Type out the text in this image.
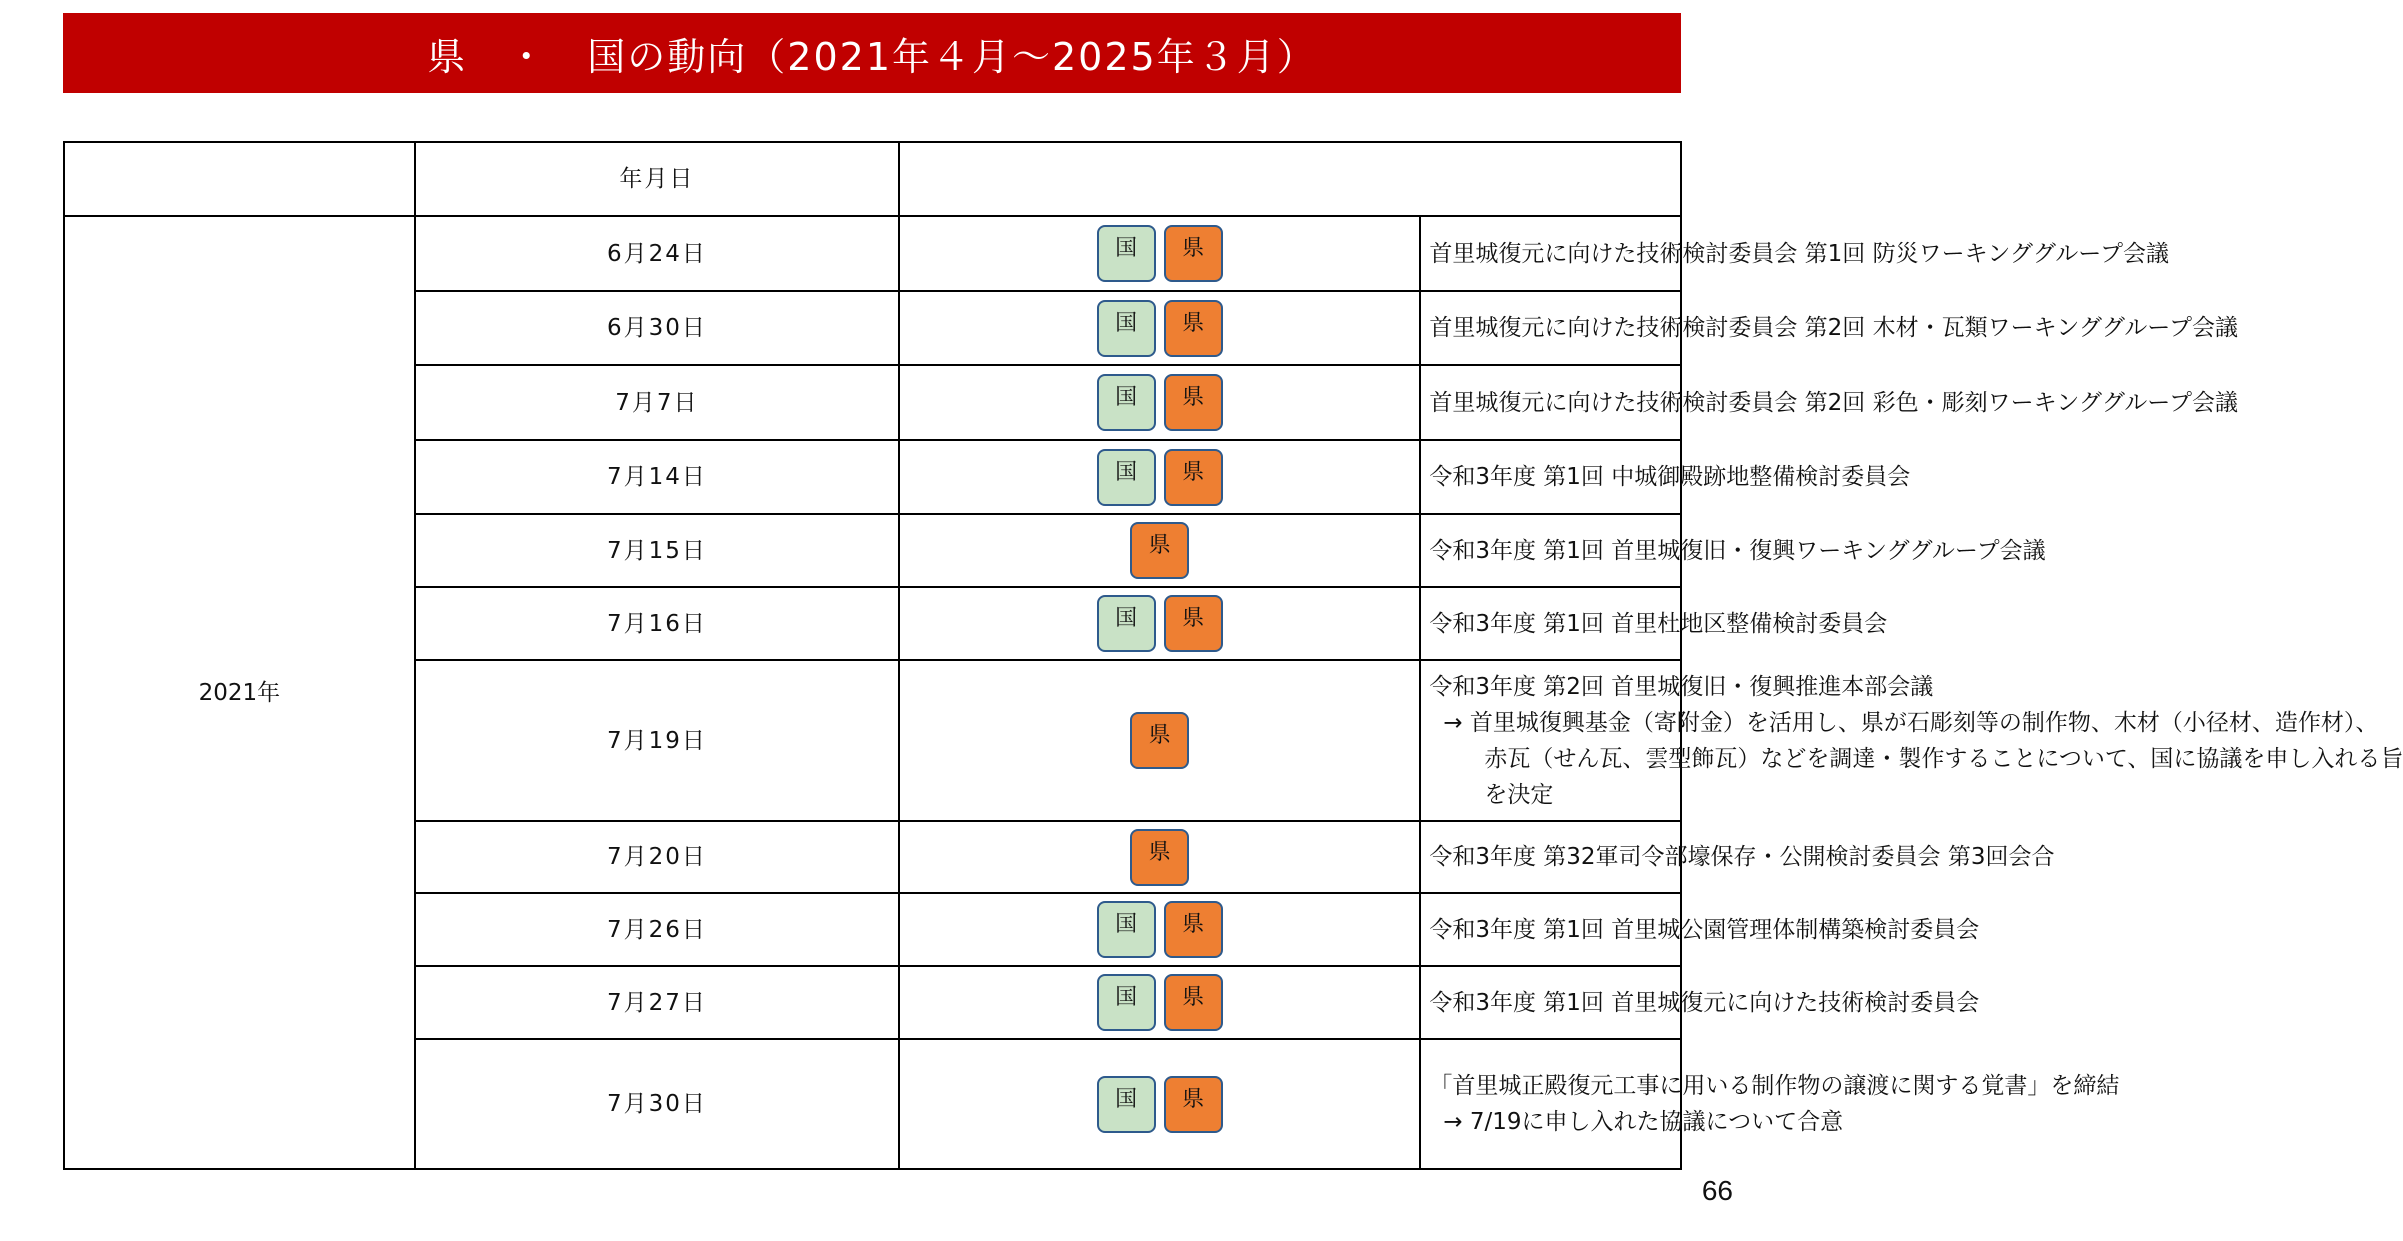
県　・　国の動向（2021年４月〜2025年３月）
	年月日		
2021年	6月24日	国 県	首里城復元に向けた技術検討委員会 第1回 防災ワーキンググループ会議

	6月30日	国 県	首里城復元に向けた技術検討委員会 第2回 木材・瓦類ワーキンググループ会議

	7月7日	国 県	首里城復元に向けた技術検討委員会 第2回 彩色・彫刻ワーキンググループ会議

	7月14日	国 県	令和3年度 第1回 中城御殿跡地整備検討委員会

	7月15日	県	令和3年度 第1回 首里城復旧・復興ワーキンググループ会議

	7月16日	国 県	令和3年度 第1回 首里杜地区整備検討委員会

	7月19日	県	令和3年度 第2回 首里城復旧・復興推進本部会議
→ 首里城復興基金（寄附金）を活用し、県が石彫刻等の制作物、木材（小径材、造作材）、
赤瓦（せん瓦、雲型飾瓦）などを調達・製作することについて、国に協議を申し入れる旨
を決定

	7月20日	県	令和3年度 第32軍司令部壕保存・公開検討委員会 第3回会合

	7月26日	国 県	令和3年度 第1回 首里城公園管理体制構築検討委員会

	7月27日	国 県	令和3年度 第1回 首里城復元に向けた技術検討委員会

	7月30日	国 県	「首里城正殿復元工事に用いる制作物の譲渡に関する覚書」を締結
→ 7/19に申し入れた協議について合意
66
